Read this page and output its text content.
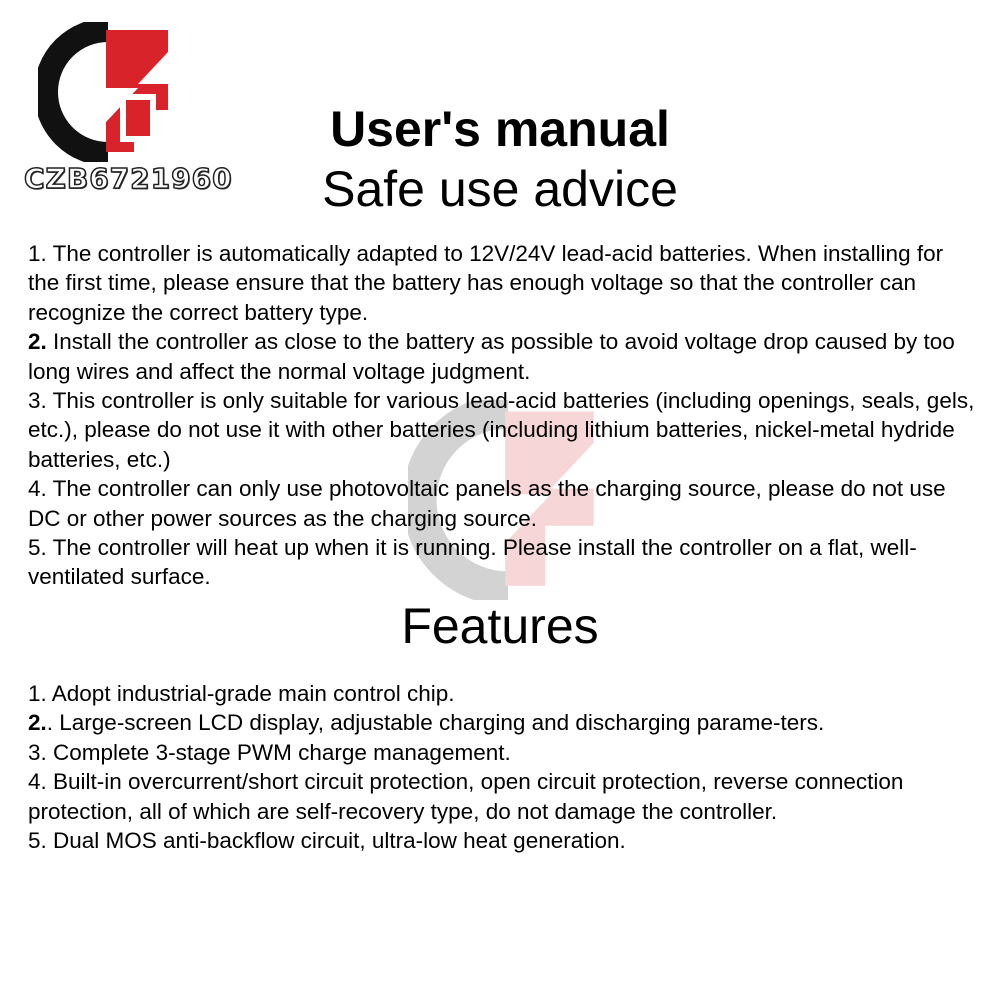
CZB6721960
User's manual
Safe use advice

1. The controller is automatically adapted to 12V/24V lead-acid batteries. When installing for the first time, please ensure that the battery has enough voltage so that the controller can recognize the correct battery type.

2. Install the controller as close to the battery as possible to avoid voltage drop caused by too long wires and affect the normal voltage judgment.

3. This controller is only suitable for various lead-acid batteries (including openings, seals, gels, etc.), please do not use it with other batteries (including lithium batteries, nickel-metal hydride batteries, etc.)

4. The controller can only use photovoltaic panels as the charging source, please do not use DC or other power sources as the charging source.

5. The controller will heat up when it is running. Please install the controller on a flat, well-ventilated surface.

Features

1. Adopt industrial-grade main control chip.

2.. Large-screen LCD display, adjustable charging and discharging parame-ters.

3. Complete 3-stage PWM charge management.

4. Built-in overcurrent/short circuit protection, open circuit protection, reverse connection protection, all of which are self-recovery type, do not damage the controller.

5. Dual MOS anti-backflow circuit, ultra-low heat generation.
